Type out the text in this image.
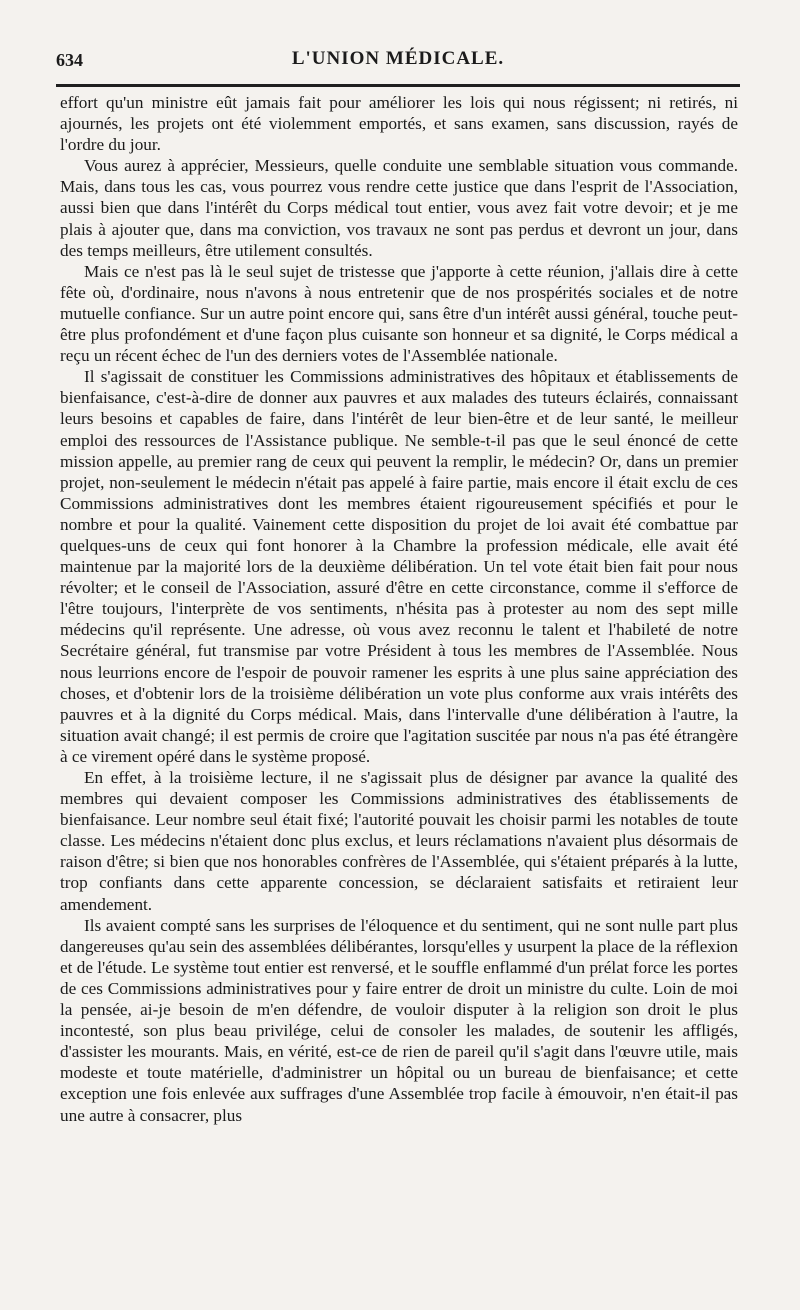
634	L'UNION MÉDICALE.

effort qu'un ministre eût jamais fait pour améliorer les lois qui nous régissent; ni retirés, ni ajournés, les projets ont été violemment emportés, et sans examen, sans discussion, rayés de l'ordre du jour.

Vous aurez à apprécier, Messieurs, quelle conduite une semblable situation vous commande. Mais, dans tous les cas, vous pourrez vous rendre cette justice que dans l'esprit de l'Association, aussi bien que dans l'intérêt du Corps médical tout entier, vous avez fait votre devoir; et je me plais à ajouter que, dans ma conviction, vos travaux ne sont pas perdus et devront un jour, dans des temps meilleurs, être utilement consultés.

Mais ce n'est pas là le seul sujet de tristesse que j'apporte à cette réunion, j'allais dire à cette fête où, d'ordinaire, nous n'avons à nous entretenir que de nos prospérités sociales et de notre mutuelle confiance. Sur un autre point encore qui, sans être d'un intérêt aussi général, touche peut-être plus profondément et d'une façon plus cuisante son honneur et sa dignité, le Corps médical a reçu un récent échec de l'un des derniers votes de l'Assemblée nationale.

Il s'agissait de constituer les Commissions administratives des hôpitaux et établissements de bienfaisance, c'est-à-dire de donner aux pauvres et aux malades des tuteurs éclairés, connaissant leurs besoins et capables de faire, dans l'intérêt de leur bien-être et de leur santé, le meilleur emploi des ressources de l'Assistance publique. Ne semble-t-il pas que le seul énoncé de cette mission appelle, au premier rang de ceux qui peuvent la remplir, le médecin? Or, dans un premier projet, non-seulement le médecin n'était pas appelé à faire partie, mais encore il était exclu de ces Commissions administratives dont les membres étaient rigoureusement spécifiés et pour le nombre et pour la qualité. Vainement cette disposition du projet de loi avait été combattue par quelques-uns de ceux qui font honorer à la Chambre la profession médicale, elle avait été maintenue par la majorité lors de la deuxième délibération. Un tel vote était bien fait pour nous révolter; et le conseil de l'Association, assuré d'être en cette circonstance, comme il s'efforce de l'être toujours, l'interprète de vos sentiments, n'hésita pas à protester au nom des sept mille médecins qu'il représente. Une adresse, où vous avez reconnu le talent et l'habileté de notre Secrétaire général, fut transmise par votre Président à tous les membres de l'Assemblée. Nous nous leurrions encore de l'espoir de pouvoir ramener les esprits à une plus saine appréciation des choses, et d'obtenir lors de la troisième délibération un vote plus conforme aux vrais intérêts des pauvres et à la dignité du Corps médical. Mais, dans l'intervalle d'une délibération à l'autre, la situation avait changé; il est permis de croire que l'agitation suscitée par nous n'a pas été étrangère à ce virement opéré dans le système proposé.

En effet, à la troisième lecture, il ne s'agissait plus de désigner par avance la qualité des membres qui devaient composer les Commissions administratives des établissements de bienfaisance. Leur nombre seul était fixé; l'autorité pouvait les choisir parmi les notables de toute classe. Les médecins n'étaient donc plus exclus, et leurs réclamations n'avaient plus désormais de raison d'être; si bien que nos honorables confrères de l'Assemblée, qui s'étaient préparés à la lutte, trop confiants dans cette apparente concession, se déclaraient satisfaits et retiraient leur amendement.

Ils avaient compté sans les surprises de l'éloquence et du sentiment, qui ne sont nulle part plus dangereuses qu'au sein des assemblées délibérantes, lorsqu'elles y usurpent la place de la réflexion et de l'étude. Le système tout entier est renversé, et le souffle enflammé d'un prélat force les portes de ces Commissions administratives pour y faire entrer de droit un ministre du culte. Loin de moi la pensée, ai-je besoin de m'en défendre, de vouloir disputer à la religion son droit le plus incontesté, son plus beau privilége, celui de consoler les malades, de soutenir les affligés, d'assister les mourants. Mais, en vérité, est-ce de rien de pareil qu'il s'agit dans l'œuvre utile, mais modeste et toute matérielle, d'administrer un hôpital ou un bureau de bienfaisance; et cette exception une fois enlevée aux suffrages d'une Assemblée trop facile à émouvoir, n'en était-il pas une autre à consacrer, plus
